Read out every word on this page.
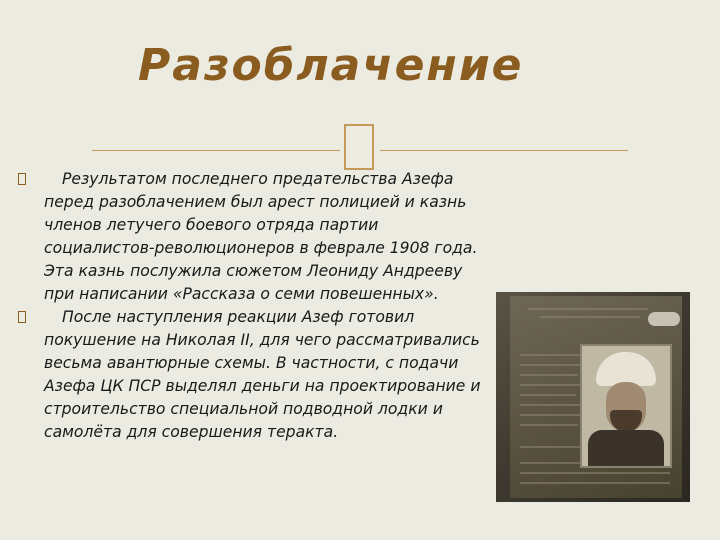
Разоблачение
Результатом последнего предательства Азефа перед разоблачением был арест полицией и казнь членов летучего боевого отряда партии социалистов-революционеров в феврале 1908 года. Эта казнь послужила сюжетом Леониду Андрееву при написании «Рассказа о семи повешенных».
После наступления реакции Азеф готовил покушение на Николая II, для чего рассматривались весьма авантюрные схемы. В частности, с подачи Азефа ЦК ПСР выделял деньги на проектирование и строительство специальной подводной лодки и самолёта для совершения теракта.
